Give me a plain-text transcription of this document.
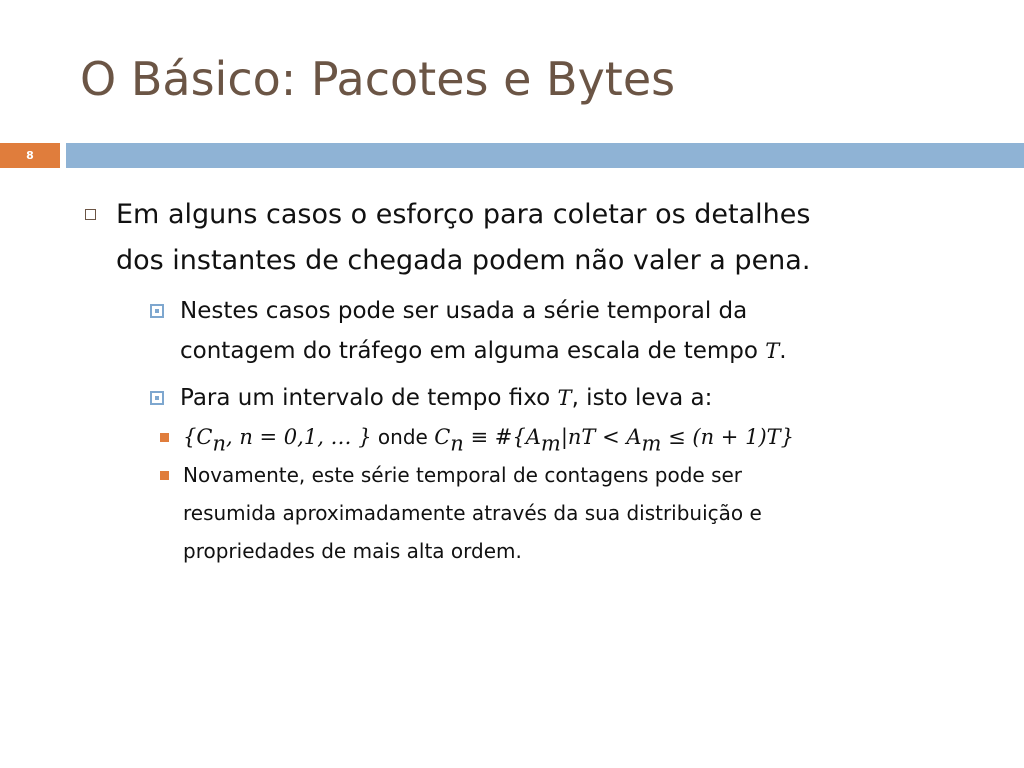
O Básico: Pacotes e Bytes
8
Em alguns casos o esforço para coletar os detalhes
dos instantes de chegada podem não valer a pena.
Nestes casos pode ser usada a série temporal da
contagem do tráfego em alguma escala de tempo T.
Para um intervalo de tempo fixo T, isto leva a:
{$C_n$, n = 0,1, … } onde $C_n$ ≡ $\#\{A_m|nT < A_m \le (n + 1)T\}$
Novamente, este série temporal de contagens pode ser
resumida aproximadamente através da sua distribuição e
propriedades de mais alta ordem.
